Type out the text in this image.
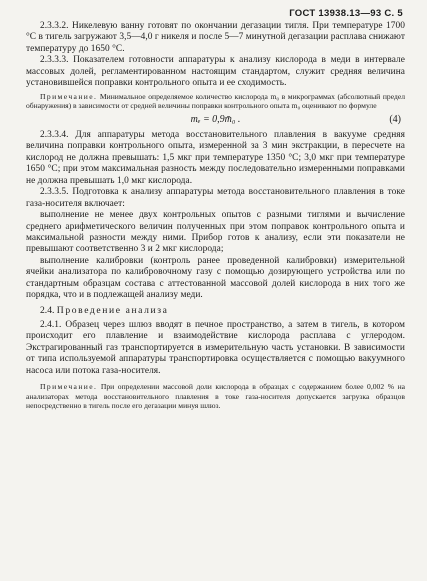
ГОСТ 13938.13—93 С. 5

2.3.3.2. Никелевую ванну готовят по окончании дегазации тигля. При температуре 1700 °С в тигель загружают 3,5—4,0 г никеля и после 5—7 минутной дегазации расплава снижают температуру до 1650 °С.

2.3.3.3. Показателем готовности аппаратуры к анализу кислорода в меди в интервале массовых долей, регламентированном настоящим стандартом, служит средняя величина установившейся поправки контрольного опыта и ее сходимость.

Примечание. Минимальное определяемое количество кислорода m₀ в микрограммах (абсолютный предел обнаружения) в зависимости от средней величины поправки контрольного опыта m₀ оценивают по формуле

mₑ = 0,9m̄₀ .	(4)

2.3.3.4. Для аппаратуры метода восстановительного плавления в вакууме средняя величина поправки контрольного опыта, измеренной за 3 мин экстракции, в пересчете на кислород не должна превышать: 1,5 мкг при температуре 1350 °С; 3,0 мкг при температуре 1650 °С; при этом максимальная разность между последовательно измеренными поправками не должна превышать 1,0 мкг кислорода.

2.3.3.5. Подготовка к анализу аппаратуры метода восстановительного плавления в токе газа-носителя включает:

выполнение не менее двух контрольных опытов с разными тиглями и вычисление среднего арифметического величин полученных при этом поправок контрольного опыта и максимальной разности между ними. Прибор готов к анализу, если эти показатели не превышают соответственно 3 и 2 мкг кислорода;

выполнение калибровки (контроль ранее проведенной калибровки) измерительной ячейки анализатора по калибровочному газу с помощью дозирующего устройства или по стандартным образцам состава с аттестованной массовой долей кислорода в них того же порядка, что и в подлежащей анализу меди.

2.4. Проведение анализа

2.4.1. Образец через шлюз вводят в печное пространство, а затем в тигель, в котором происходит его плавление и взаимодействие кислорода расплава с углеродом. Экстрагированный газ транспортируется в измерительную часть установки. В зависимости от типа используемой аппаратуры транспортировка осуществляется с помощью вакуумного насоса или потока газа-носителя.

Примечание. При определении массовой доли кислорода в образцах с содержанием более 0,002 % на анализаторах метода восстановительного плавления в токе газа-носителя допускается загрузка образцов непосредственно в тигель после его дегазации минуя шлюз.
